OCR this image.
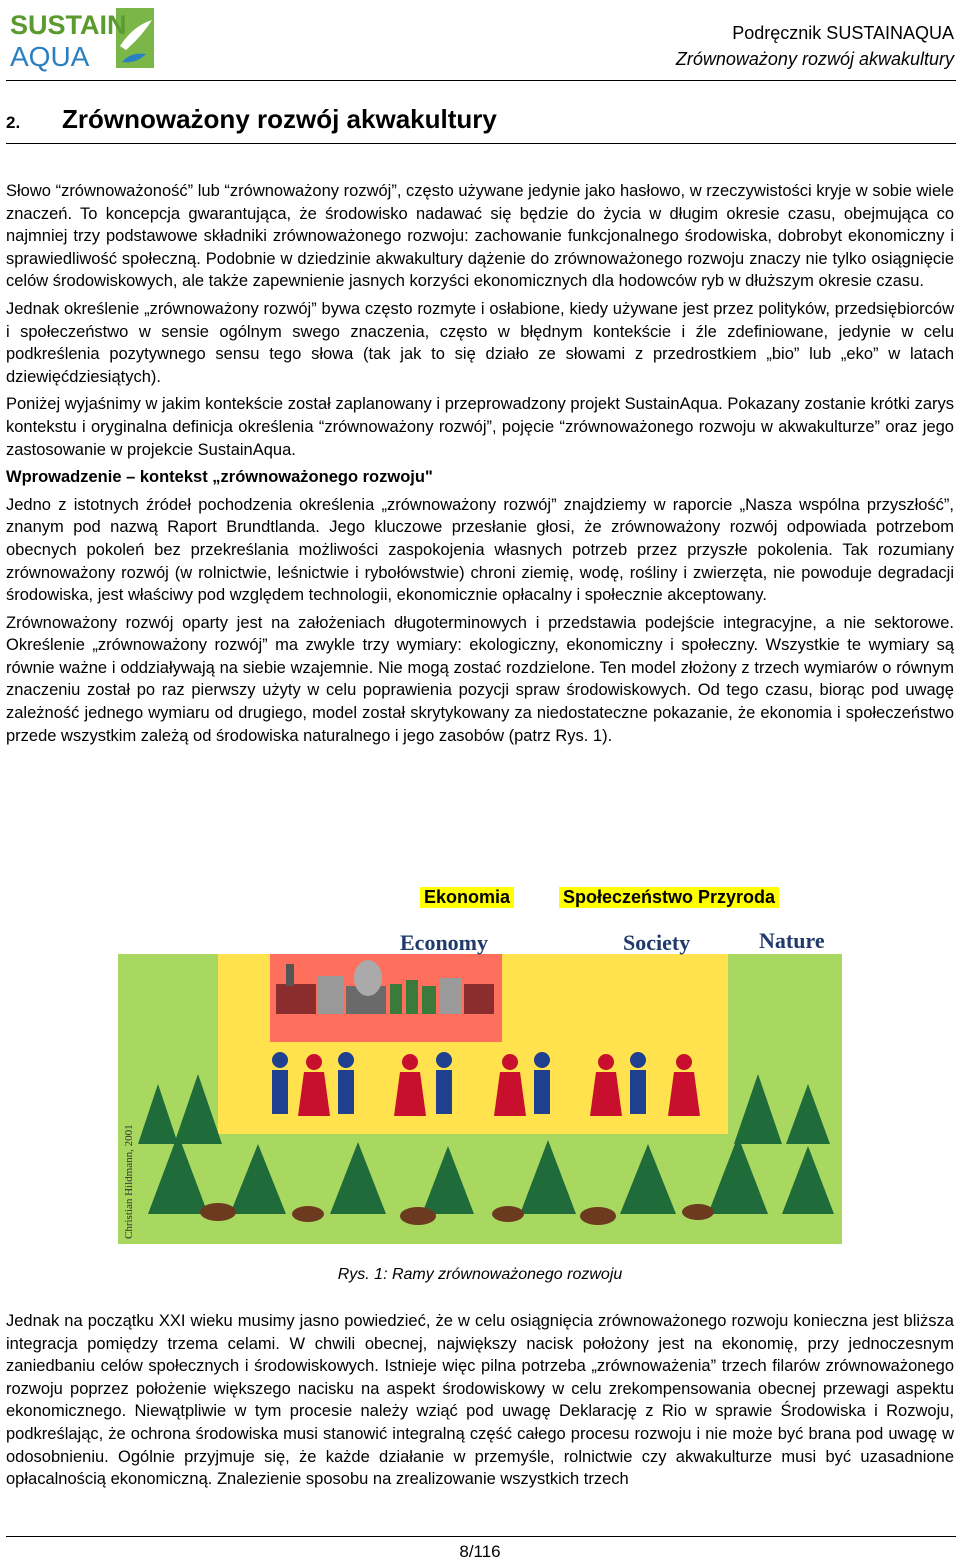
SUSTAIN
AQUA
Podręcznik SUSTAINAQUA
Zrównoważony rozwój akwakultury
2. Zrównoważony rozwój akwakultury

Słowo “zrównoważoność” lub “zrównoważony rozwój”, często używane jedynie jako hasłowo, w rzeczywistości kryje w sobie wiele znaczeń. To koncepcja gwarantująca, że środowisko nadawać się będzie do życia w długim okresie czasu, obejmująca co najmniej trzy podstawowe składniki zrównoważonego rozwoju: zachowanie funkcjonalnego środowiska, dobrobyt ekonomiczny i sprawiedliwość społeczną. Podobnie w dziedzinie akwakultury dążenie do zrównoważonego rozwoju znaczy nie tylko osiągnięcie celów środowiskowych, ale także zapewnienie jasnych korzyści ekonomicznych dla hodowców ryb w dłuższym okresie czasu.

Jednak określenie „zrównoważony rozwój” bywa często rozmyte i osłabione, kiedy używane jest przez polityków, przedsiębiorców i społeczeństwo w sensie ogólnym swego znaczenia, często w błędnym kontekście i źle zdefiniowane, jedynie w celu podkreślenia pozytywnego sensu tego słowa (tak jak to się działo ze słowami z przedrostkiem „bio” lub „eko” w latach dziewięćdziesiątych).

Poniżej wyjaśnimy w jakim kontekście został zaplanowany i przeprowadzony projekt SustainAqua. Pokazany zostanie krótki zarys kontekstu i oryginalna definicja określenia “zrównoważony rozwój”, pojęcie “zrównoważonego rozwoju w akwakulturze” oraz jego zastosowanie w projekcie SustainAqua.

Wprowadzenie – kontekst „zrównoważonego rozwoju"

Jedno z istotnych źródeł pochodzenia określenia „zrównoważony rozwój” znajdziemy w raporcie „Nasza wspólna przyszłość”, znanym pod nazwą Raport Brundtlanda. Jego kluczowe przesłanie głosi, że zrównoważony rozwój odpowiada potrzebom obecnych pokoleń bez przekreślania możliwości zaspokojenia własnych potrzeb przez przyszłe pokolenia. Tak rozumiany zrównoważony rozwój (w rolnictwie, leśnictwie i rybołówstwie) chroni ziemię, wodę, rośliny i zwierzęta, nie powoduje degradacji środowiska, jest właściwy pod względem technologii, ekonomicznie opłacalny i społecznie akceptowany.

Zrównoważony rozwój oparty jest na założeniach długoterminowych i przedstawia podejście integracyjne, a nie sektorowe. Określenie „zrównoważony rozwój” ma zwykle trzy wymiary: ekologiczny, ekonomiczny i społeczny. Wszystkie te wymiary są równie ważne i oddziaływają na siebie wzajemnie. Nie mogą zostać rozdzielone. Ten model złożony z trzech wymiarów o równym znaczeniu został po raz pierwszy użyty w celu poprawienia pozycji spraw środowiskowych. Od tego czasu, biorąc pod uwagę zależność jednego wymiaru od drugiego, model został skrytykowany za niedostateczne pokazanie, że ekonomia i społeczeństwo przede wszystkim zależą od środowiska naturalnego i jego zasobów (patrz Rys. 1).

Ekonomia	Społeczeństwo Przyroda
Economy	Society	Nature
Christian Hildmann, 2001
Rys. 1: Ramy zrównoważonego rozwoju

Jednak na początku XXI wieku musimy jasno powiedzieć, że w celu osiągnięcia zrównoważonego rozwoju konieczna jest bliższa integracja pomiędzy trzema celami. W chwili obecnej, największy nacisk położony jest na ekonomię, przy jednoczesnym zaniedbaniu celów społecznych i środowiskowych. Istnieje więc pilna potrzeba „zrównoważenia” trzech filarów zrównoważonego rozwoju poprzez położenie większego nacisku na aspekt środowiskowy w celu zrekompensowania obecnej przewagi aspektu ekonomicznego. Niewątpliwie w tym procesie należy wziąć pod uwagę Deklarację z Rio w sprawie Środowiska i Rozwoju, podkreślając, że ochrona środowiska musi stanowić integralną część całego procesu rozwoju i nie może być brana pod uwagę w odosobnieniu. Ogólnie przyjmuje się, że każde działanie w przemyśle, rolnictwie czy akwakulturze musi być uzasadnione opłacalnością ekonomiczną. Znalezienie sposobu na zrealizowanie wszystkich trzech

8/116
